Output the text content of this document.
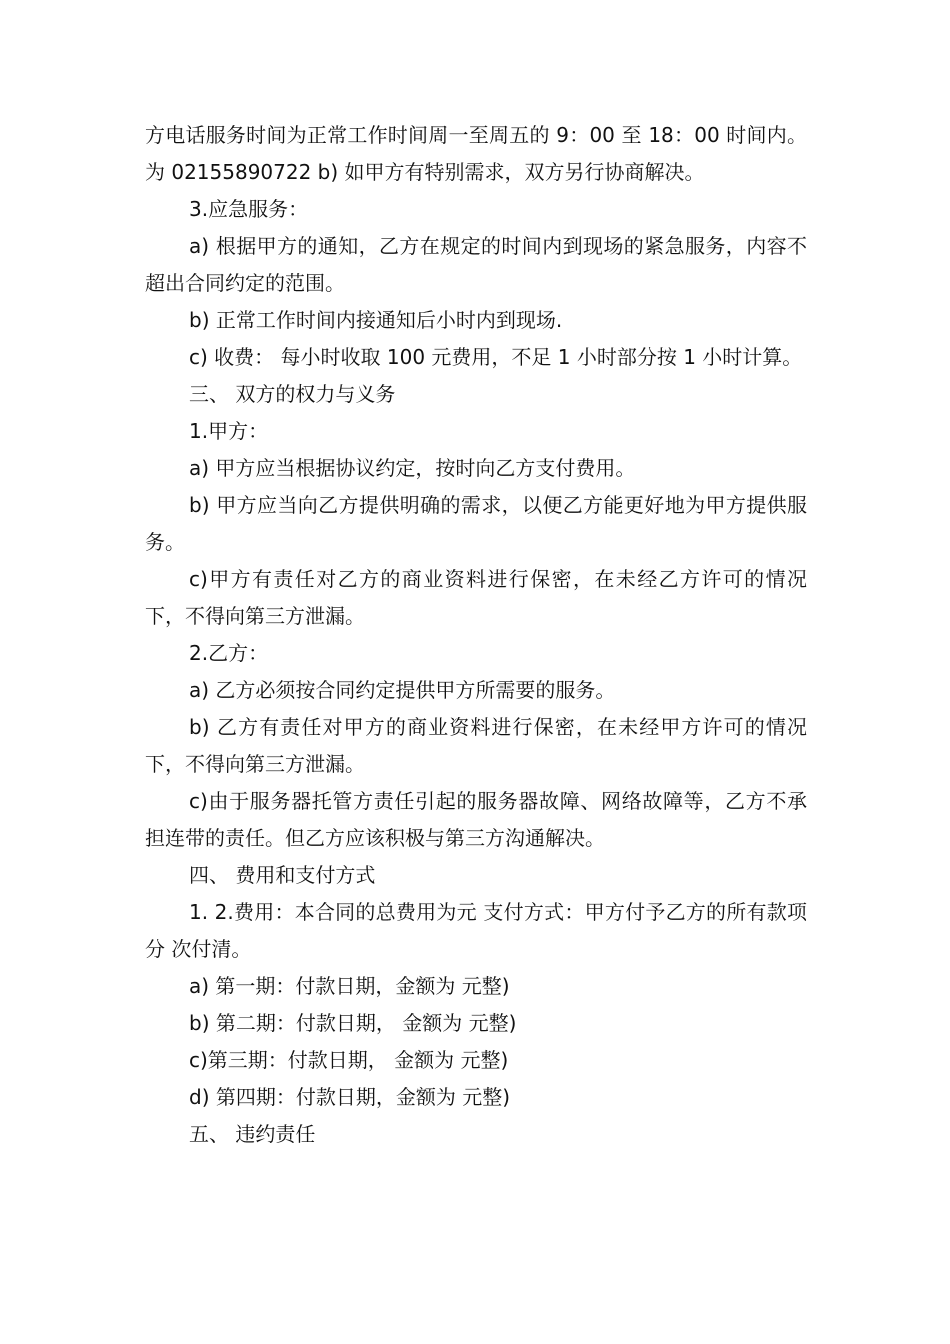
方电话服务时间为正常工作时间周一至周五的 9：00 至 18：00 时间内。为 02155890722 b) 如甲方有特别需求，双方另行协商解决。

3.应急服务：

a) 根据甲方的通知，乙方在规定的时间内到现场的紧急服务，内容不超出合同约定的范围。

b) 正常工作时间内接通知后小时内到现场.

c) 收费： 每小时收取 100 元费用，不足 1 小时部分按 1 小时计算。

三、 双方的权力与义务

1.甲方：

a) 甲方应当根据协议约定，按时向乙方支付费用。

b) 甲方应当向乙方提供明确的需求，以便乙方能更好地为甲方提供服务。

c)甲方有责任对乙方的商业资料进行保密，在未经乙方许可的情况下，不得向第三方泄漏。

2.乙方：

a) 乙方必须按合同约定提供甲方所需要的服务。

b) 乙方有责任对甲方的商业资料进行保密，在未经甲方许可的情况下，不得向第三方泄漏。

c)由于服务器托管方责任引起的服务器故障、网络故障等，乙方不承担连带的责任。但乙方应该积极与第三方沟通解决。

四、 费用和支付方式

1. 2.费用：本合同的总费用为元 支付方式：甲方付予乙方的所有款项分 次付清。

a) 第一期：付款日期，金额为 元整)

b) 第二期：付款日期， 金额为 元整)

c)第三期：付款日期， 金额为 元整)

d) 第四期：付款日期，金额为 元整)

五、 违约责任
